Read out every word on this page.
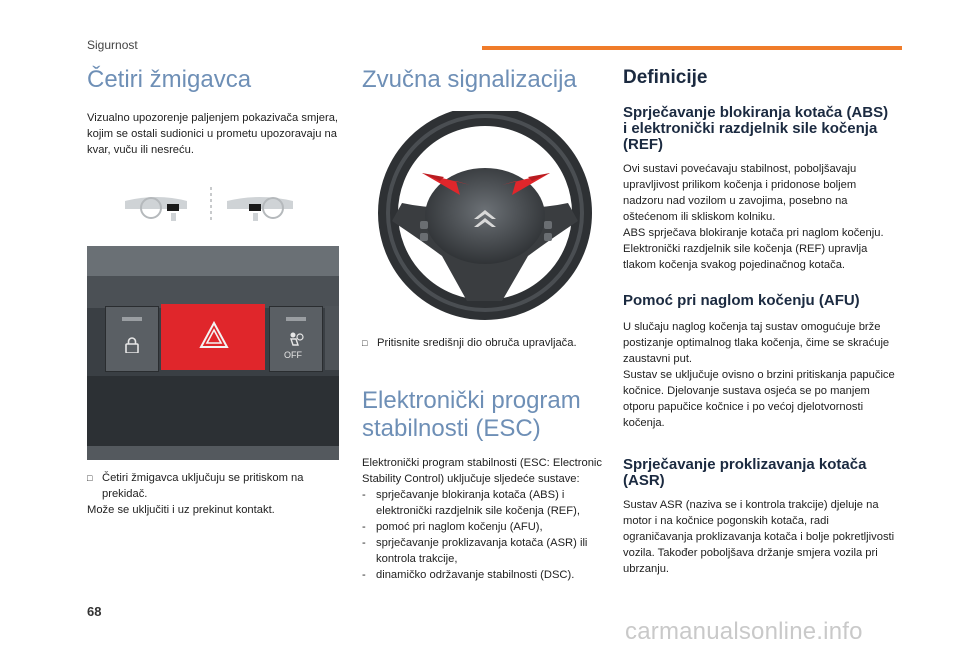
Sigurnost
Četiri žmigavca

Vizualno upozorenje paljenjem pokazivača smjera, kojim se ostali sudionici u prometu upozoravaju na kvar, vuču ili nesreću.

OFF
□ Četiri žmigavca uključuju se pritiskom na prekidač.

Može se uključiti i uz prekinut kontakt.

Zvučna signalizacija
□ Pritisnite središnji dio obruča upravljača.
Elektronički program stabilnosti (ESC)

Elektronički program stabilnosti (ESC: Electronic Stability Control) uključuje sljedeće sustave:

- sprječavanje blokiranja kotača (ABS) i elektronički razdjelnik sile kočenja (REF),
- pomoć pri naglom kočenju (AFU),
- sprječavanje proklizavanja kotača (ASR) ili kontrola trakcije,
- dinamičko održavanje stabilnosti (DSC).
Definicije
Sprječavanje blokiranja kotača (ABS) i elektronički razdjelnik sile kočenja (REF)

Ovi sustavi povećavaju stabilnost, poboljšavaju upravljivost prilikom kočenja i pridonose boljem nadzoru nad vozilom u zavojima, posebno na oštećenom ili skliskom kolniku.

ABS sprječava blokiranje kotača pri naglom kočenju.

Elektronički razdjelnik sile kočenja (REF) upravlja tlakom kočenja svakog pojedinačnog kotača.

Pomoć pri naglom kočenju (AFU)

U slučaju naglog kočenja taj sustav omogućuje brže postizanje optimalnog tlaka kočenja, čime se skraćuje zaustavni put.

Sustav se uključuje ovisno o brzini pritiskanja papučice kočnice. Djelovanje sustava osjeća se po manjem otporu papučice kočnice i po većoj djelotvornosti kočenja.

Sprječavanje proklizavanja kotača (ASR)

Sustav ASR (naziva se i kontrola trakcije) djeluje na motor i na kočnice pogonskih kotača, radi ograničavanja proklizavanja kotača i bolje pokretljivosti vozila. Također poboljšava držanje smjera vozila pri ubrzanju.

68
carmanualsonline.info
